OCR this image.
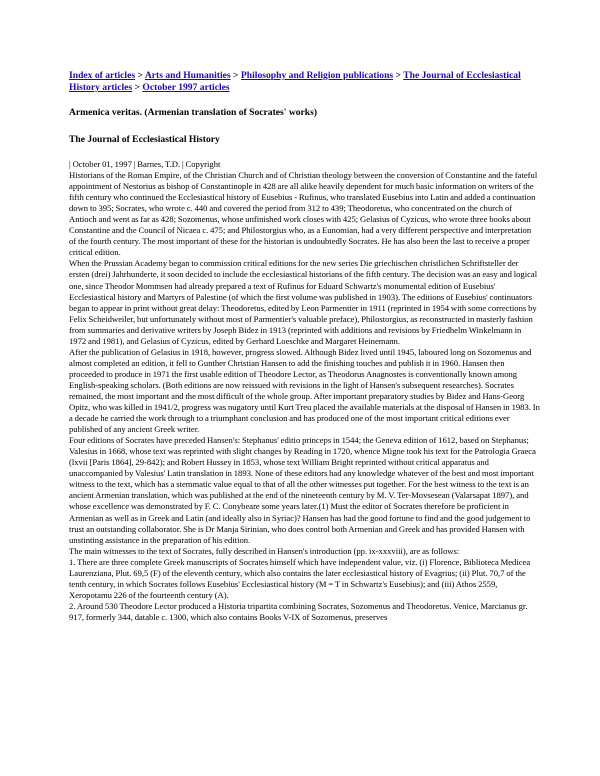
Index of articles > Arts and Humanities > Philosophy and Religion publications > The Journal of Ecclesiastical History articles > October 1997 articles
Armenica veritas. (Armenian translation of Socrates' works)
The Journal of Ecclesiastical History

| October 01, 1997 | Barnes, T.D. | Copyright

Historians of the Roman Empire, of the Christian Church and of Christian theology between the conversion of Constantine and the fateful appointment of Nestorius as bishop of Constantinople in 428 are all alike heavily dependent for much basic information on writers of the fifth century who continued the Ecclesiastical history of Eusebius - Rufinus, who translated Eusebius into Latin and added a continuation down to 395; Socrates, who wrote c. 440 and covered the period from 312 to 439; Theodoretus, who concentrated on the church of Antioch and went as far as 428; Sozomenus, whose unfinished work closes with 425; Gelasius of Cyzicus, who wrote three books about Constantine and the Council of Nicaea c. 475; and Philostorgius who, as a Eunomian, had a very different perspective and interpretation of the fourth century. The most important of these for the historian is undoubtedly Socrates. He has also been the last to receive a proper critical edition.

When the Prussian Academy began to commission critical editions for the new series Die griechischen christlichen Schriftsteller der ersten (drei) Jahrhunderte, it soon decided to include the ecclesiastical historians of the fifth century. The decision was an easy and logical one, since Theodor Mommsen had already prepared a text of Rufinus for Eduard Schwartz's monumental edition of Eusebius' Ecclesiastical history and Martyrs of Palestine (of which the first volume was published in 1903). The editions of Eusebius' continuators began to appear in print without great delay: Theodoretus, edited by Leon Parmentier in 1911 (reprinted in 1954 with some corrections by Felix Scheidweiler, but unfortunately without most of Parmentier's valuable preface), Philostorgius, as reconstructed in masterly fashion from summaries and derivative writers by Joseph Bidez in 1913 (reprinted with additions and revisions by Friedhelm Winkelmann in 1972 and 1981), and Gelasius of Cyzicus, edited by Gerhard Loeschke and Margaret Heinemann.

After the publication of Gelasius in 1918, however, progress slowed. Although Bidez lived until 1945, laboured long on Sozomenus and almost completed an edition, it fell to Gunther Christian Hansen to add the finishing touches and publish it in 1960. Hansen then proceeded to produce in 1971 the first usable edition of Theodore Lector, as Theodorus Anagnostes is conventionally known among English-speaking scholars. (Both editions are now reissued with revisions in the light of Hansen's subsequent researches). Socrates remained, the most important and the most difficult of the whole group. After important preparatory studies by Bidez and Hans-Georg Opitz, who was killed in 1941/2, progress was nugatory until Kurt Treu placed the available materials at the disposal of Hansen in 1983. In a decade he carried the work through to a triumphant conclusion and has produced one of the most important critical editions ever published of any ancient Greek writer.

Four editions of Socrates have preceded Hansen's: Stephanus' editio princeps in 1544; the Geneva edition of 1612, based on Stephanus; Valesius in 1668, whose text was reprinted with slight changes by Reading in 1720, whence Migne took his text for the Patrologia Graeca (lxvii [Paris 1864], 29-842); and Robert Hussey in 1853, whose text William Bright reprinted without critical apparatus and unaccompanied by Valesius' Latin translation in 1893. None of these editors had any knowledge whatever of the best and most important witness to the text, which has a stemmatic value equal to that of all the other witnesses put together. For the best witness to the text is an ancient Armenian translation, which was published at the end of the nineteenth century by M. V. Ter-Movsesean (Valarsapat 1897), and whose excellence was demonstrated by F. C. Conybeare some years later.(1) Must the editor of Socrates therefore be proficient in Armenian as well as in Greek and Latin (and ideally also in Syriac)? Hansen has had the good fortune to find and the good judgement to trust an outstanding collaborator. She is Dr Manja Sirinian, who does control both Armenian and Greek and has provided Hansen with unstinting assistance in the preparation of his edition.

The main witnesses to the text of Socrates, fully described in Hansen's introduction (pp. ix-xxxviii), are as follows:

1. There are three complete Greek manuscripts of Socrates himself which have independent value, viz. (i) Florence, Biblioteca Medicea Laurenziana, Plut. 69,5 (F) of the eleventh century, which also contains the later ecclesiastical history of Evagrius; (ii) Plut. 70,7 of the tenth century, in which Socrates follows Eusebius' Ecclesiastical history (M = T in Schwartz's Eusebius); and (iii) Athos 2559, Xeropotamu 226 of the fourteenth century (A).

2. Around 530 Theodore Lector produced a Historia tripartita combining Socrates, Sozomenus and Theodoretus. Venice, Marcianus gr. 917, formerly 344, datable c. 1300, which also contains Books V-IX of Sozomenus, preserves
